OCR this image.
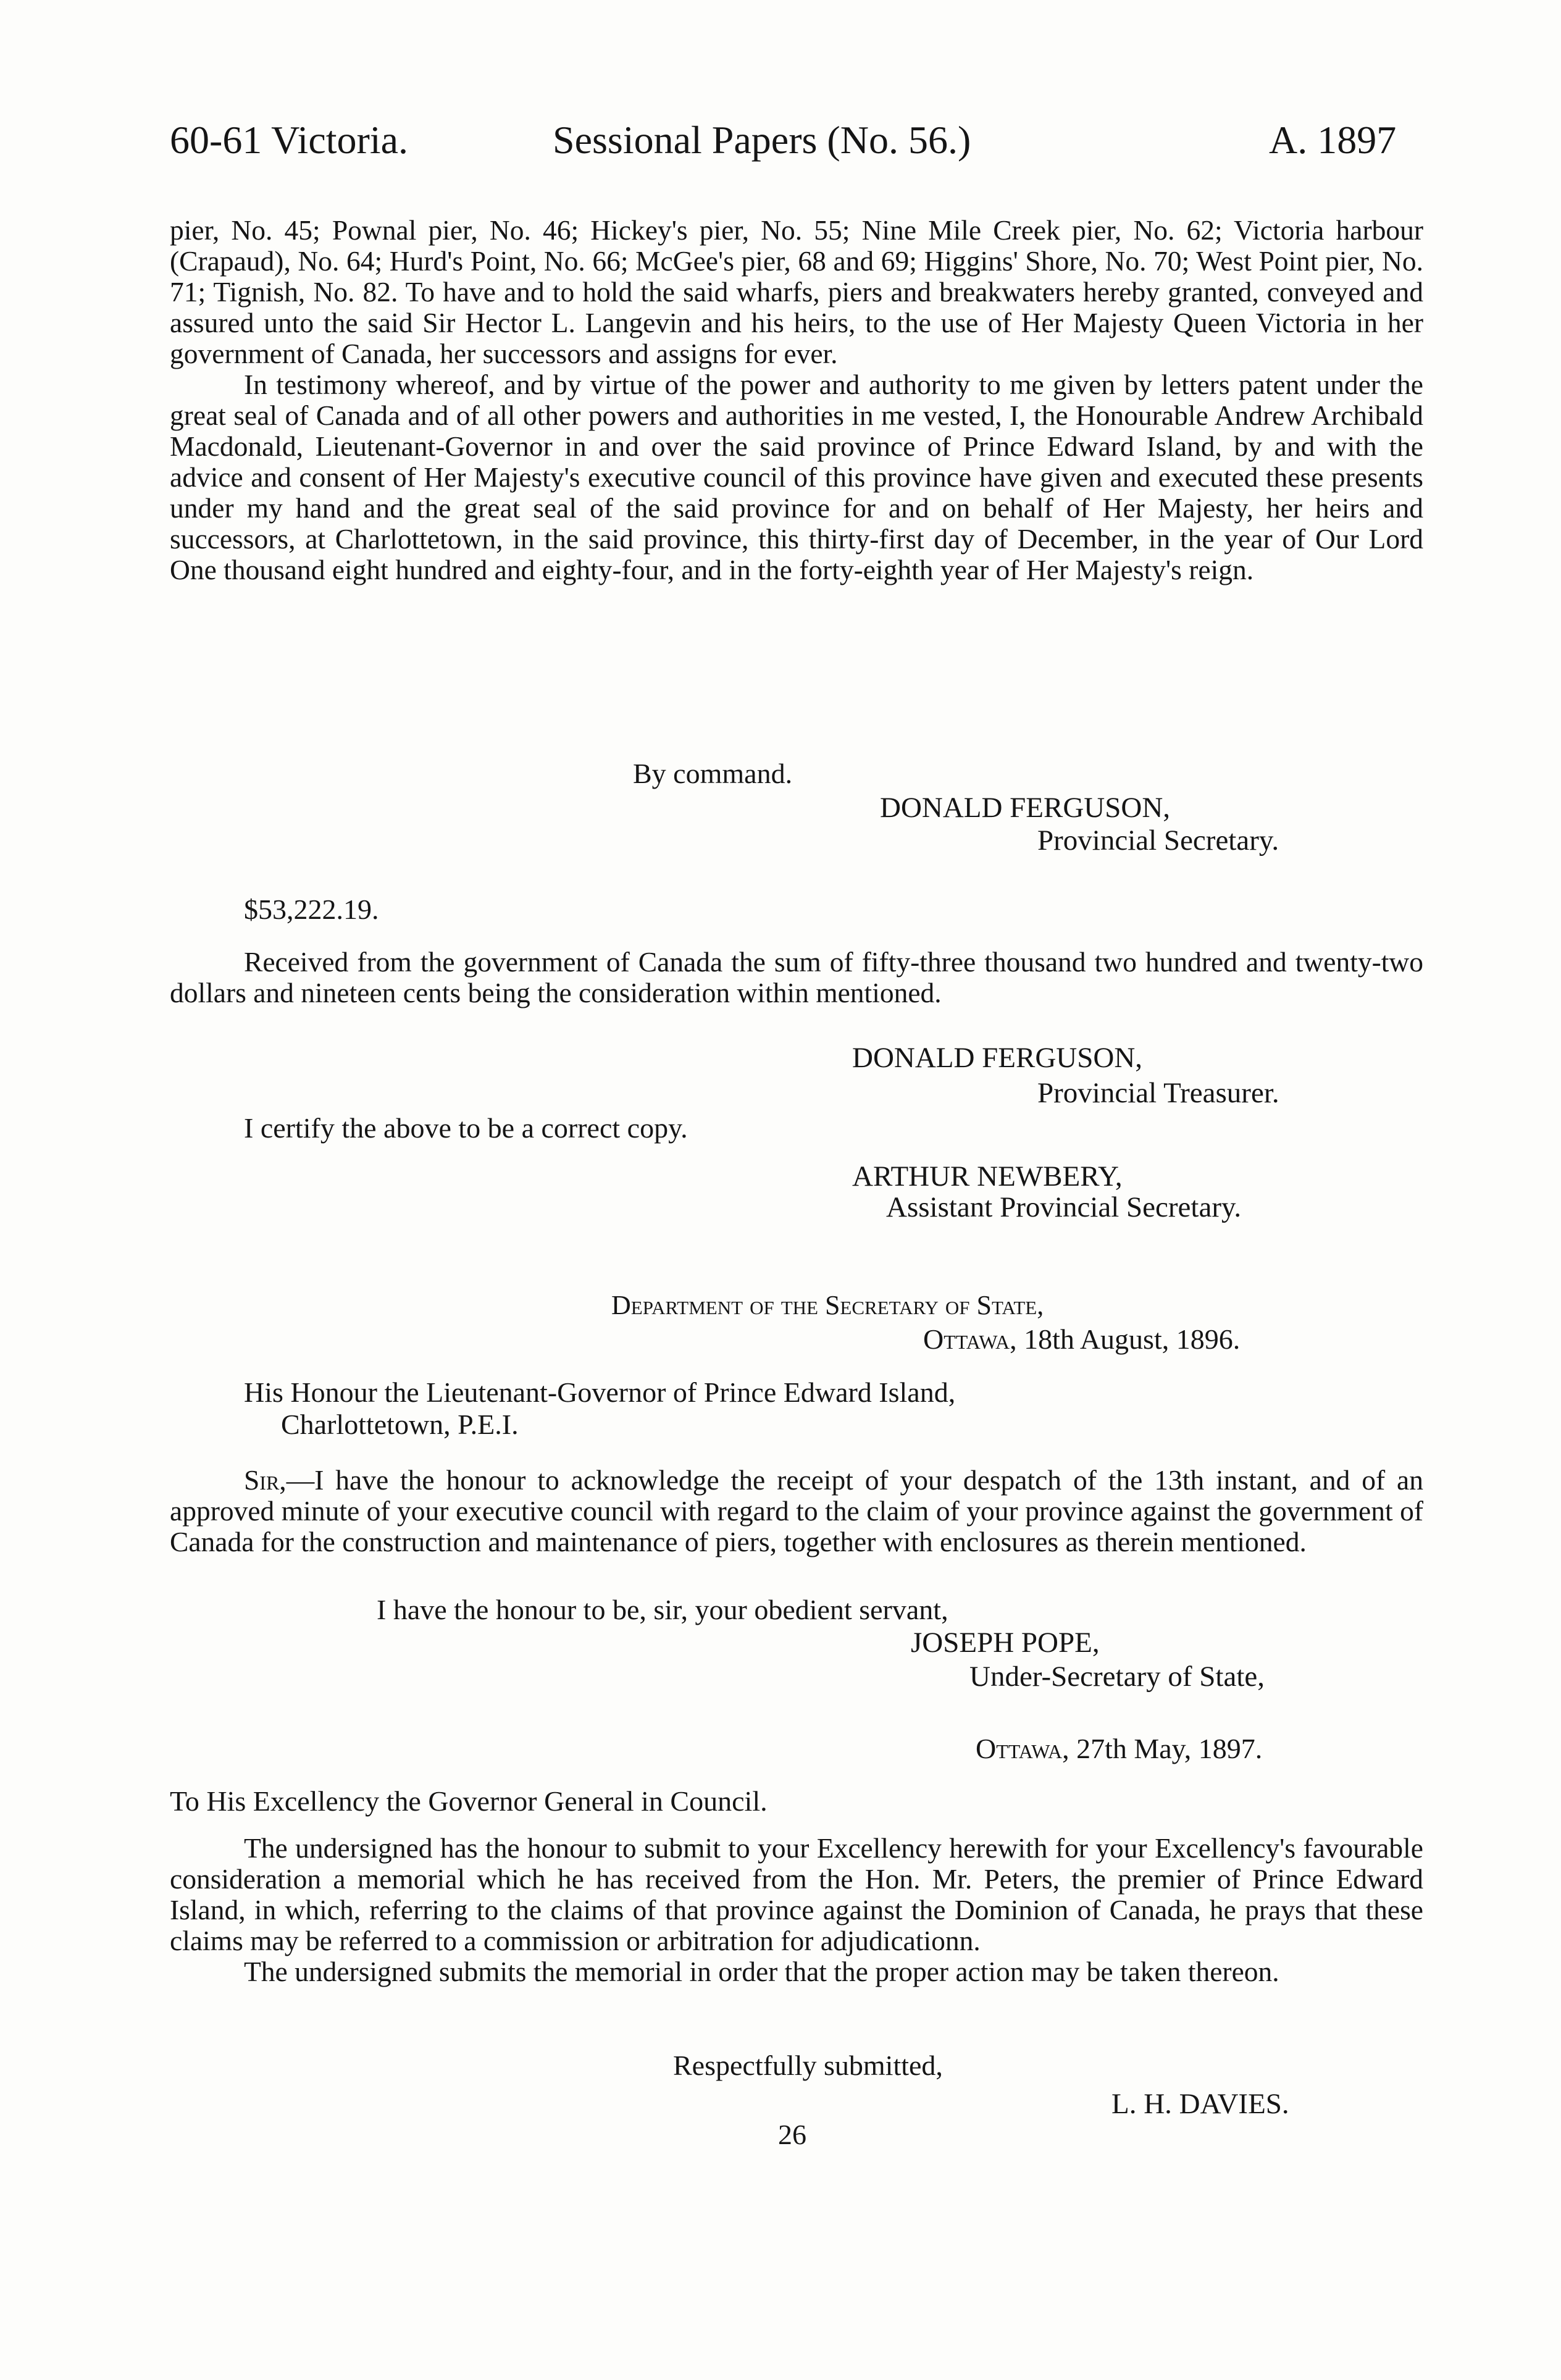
60-61 Victoria.	Sessional Papers (No. 56.)	A. 1897

pier, No. 45; Pownal pier, No. 46; Hickey's pier, No. 55; Nine Mile Creek pier, No. 62; Victoria harbour (Crapaud), No. 64; Hurd's Point, No. 66; McGee's pier, 68 and 69; Higgins' Shore, No. 70; West Point pier, No. 71; Tignish, No. 82. To have and to hold the said wharfs, piers and breakwaters hereby granted, conveyed and assured unto the said Sir Hector L. Langevin and his heirs, to the use of Her Majesty Queen Victoria in her government of Canada, her successors and assigns for ever.

In testimony whereof, and by virtue of the power and authority to me given by letters patent under the great seal of Canada and of all other powers and authorities in me vested, I, the Honourable Andrew Archibald Macdonald, Lieutenant-Governor in and over the said province of Prince Edward Island, by and with the advice and consent of Her Majesty's executive council of this province have given and executed these presents under my hand and the great seal of the said province for and on behalf of Her Majesty, her heirs and successors, at Charlottetown, in the said province, this thirty-first day of December, in the year of Our Lord One thousand eight hundred and eighty-four, and in the forty-eighth year of Her Majesty's reign.

By command.
DONALD FERGUSON,
Provincial Secretary.
$53,222.19.

Received from the government of Canada the sum of fifty-three thousand two hundred and twenty-two dollars and nineteen cents being the consideration within mentioned.

DONALD FERGUSON,
Provincial Treasurer.
I certify the above to be a correct copy.
ARTHUR NEWBERY,
Assistant Provincial Secretary.
Department of the Secretary of State,
Ottawa, 18th August, 1896.
His Honour the Lieutenant-Governor of Prince Edward Island,
Charlottetown, P.E.I.

Sir,—I have the honour to acknowledge the receipt of your despatch of the 13th instant, and of an approved minute of your executive council with regard to the claim of your province against the government of Canada for the construction and maintenance of piers, together with enclosures as therein mentioned.

I have the honour to be, sir, your obedient servant,
JOSEPH POPE,
Under-Secretary of State,
Ottawa, 27th May, 1897.
To His Excellency the Governor General in Council.

The undersigned has the honour to submit to your Excellency herewith for your Excellency's favourable consideration a memorial which he has received from the Hon. Mr. Peters, the premier of Prince Edward Island, in which, referring to the claims of that province against the Dominion of Canada, he prays that these claims may be referred to a commission or arbitration for adjudicationn.

The undersigned submits the memorial in order that the proper action may be taken thereon.

Respectfully submitted,
L. H. DAVIES.
26
